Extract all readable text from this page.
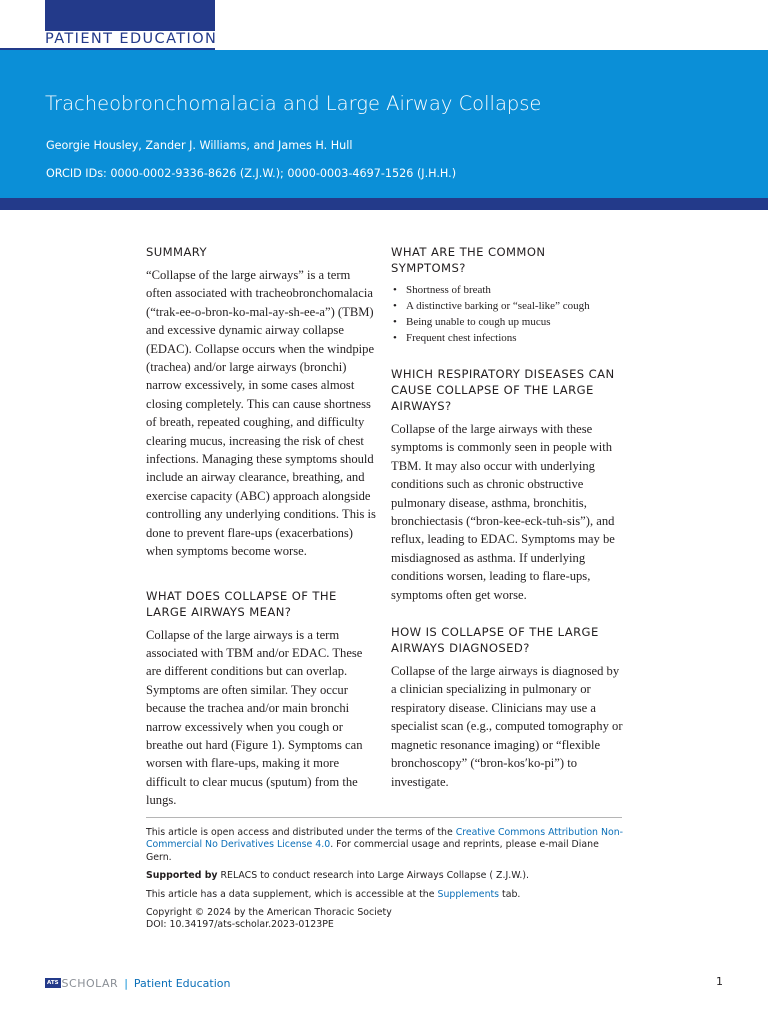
PATIENT EDUCATION
Tracheobronchomalacia and Large Airway Collapse
Georgie Housley, Zander J. Williams, and James H. Hull
ORCID IDs: 0000-0002-9336-8626 (Z.J.W.); 0000-0003-4697-1526 (J.H.H.)
SUMMARY

“Collapse of the large airways” is a term often associated with tracheobronchomalacia (“trak-ee-o-bron-ko-mal-ay-sh-ee-a”) (TBM) and excessive dynamic airway collapse (EDAC). Collapse occurs when the windpipe (trachea) and/or large airways (bronchi) narrow excessively, in some cases almost closing completely. This can cause shortness of breath, repeated coughing, and difficulty clearing mucus, increasing the risk of chest infections. Managing these symptoms should include an airway clearance, breathing, and exercise capacity (ABC) approach alongside controlling any underlying conditions. This is done to prevent flare-ups (exacerbations) when symptoms become worse.

WHAT DOES COLLAPSE OF THE LARGE AIRWAYS MEAN?

Collapse of the large airways is a term associated with TBM and/or EDAC. These are different conditions but can overlap. Symptoms are often similar. They occur because the trachea and/or main bronchi narrow excessively when you cough or breathe out hard (Figure 1). Symptoms can worsen with flare-ups, making it more difficult to clear mucus (sputum) from the lungs.

WHAT ARE THE COMMON SYMPTOMS?
• Shortness of breath
• A distinctive barking or “seal-like” cough
• Being unable to cough up mucus
• Frequent chest infections
WHICH RESPIRATORY DISEASES CAN CAUSE COLLAPSE OF THE LARGE AIRWAYS?

Collapse of the large airways with these symptoms is commonly seen in people with TBM. It may also occur with underlying conditions such as chronic obstructive pulmonary disease, asthma, bronchitis, bronchiectasis (“bron-kee-eck-tuh-sis”), and reflux, leading to EDAC. Symptoms may be misdiagnosed as asthma. If underlying conditions worsen, leading to flare-ups, symptoms often get worse.

HOW IS COLLAPSE OF THE LARGE AIRWAYS DIAGNOSED?

Collapse of the large airways is diagnosed by a clinician specializing in pulmonary or respiratory disease. Clinicians may use a specialist scan (e.g., computed tomography or magnetic resonance imaging) or “flexible bronchoscopy” (“bron-kos′ko-pi”) to investigate.

This article is open access and distributed under the terms of the Creative Commons Attribution Non-Commercial No Derivatives License 4.0. For commercial usage and reprints, please e-mail Diane Gern.
Supported by RELACS to conduct research into Large Airways Collapse ( Z.J.W.).
This article has a data supplement, which is accessible at the Supplements tab.
Copyright © 2024 by the American Thoracic Society
DOI: 10.34197/ats-scholar.2023-0123PE
ATS SCHOLAR | Patient Education	1
